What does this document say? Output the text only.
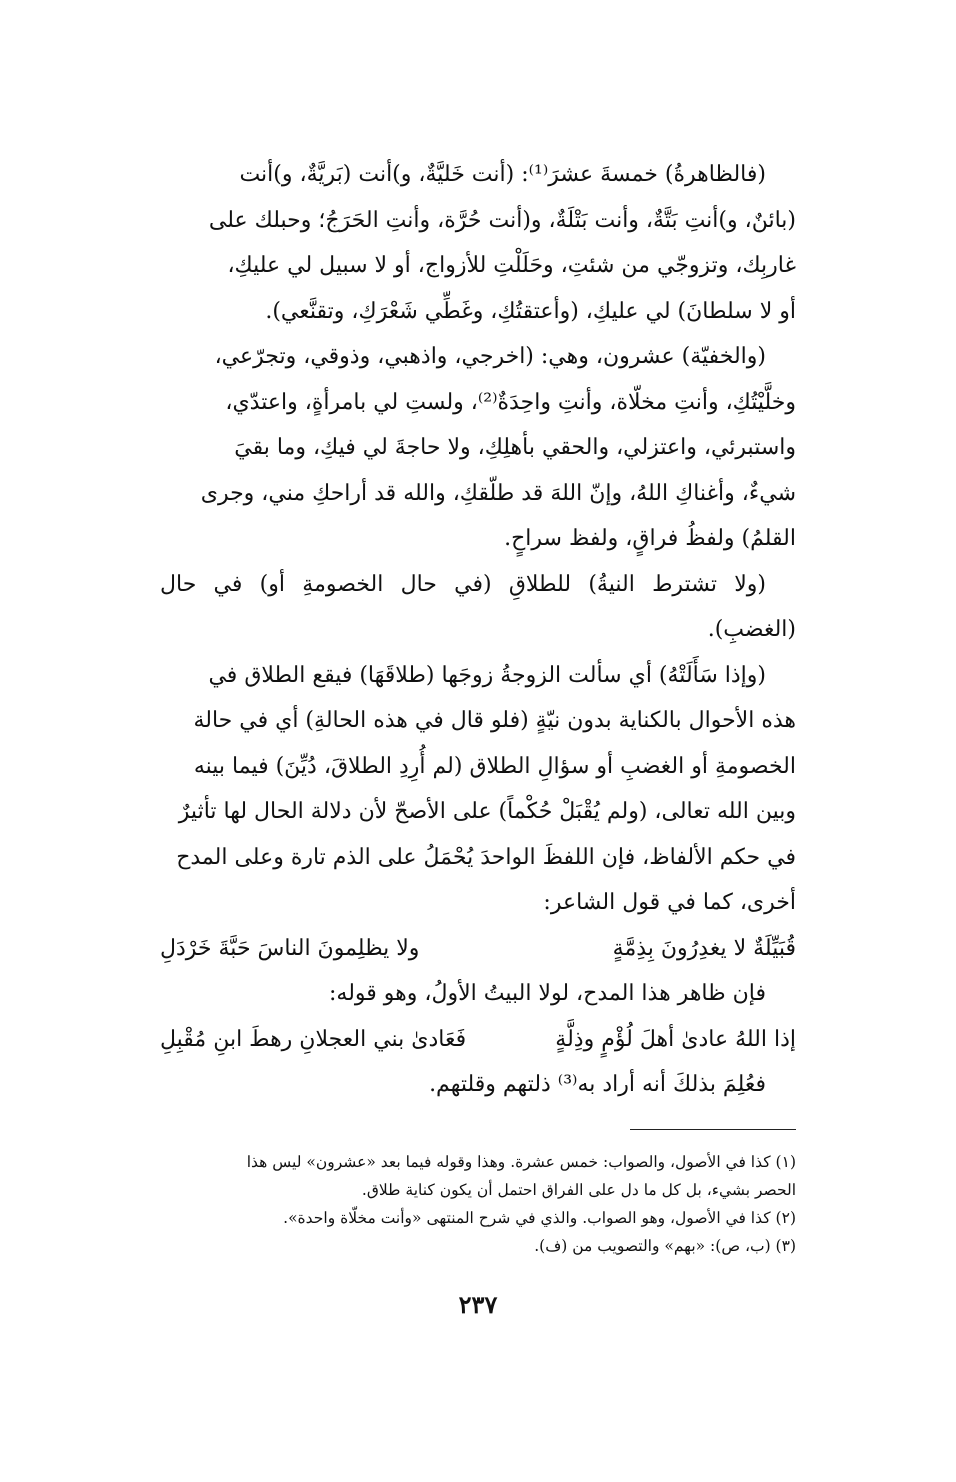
(فالظاهرةُ) خمسةَ عشرَ⁽¹⁾: (أنت خَليَّةٌ، و)أنت (بَريَّةٌ، و)أنت

(بائنٌ، و)أنتِ بَتَّةٌ، وأنت بَتْلَةٌ، و(أنت حُرَّة، وأنتِ الحَرَجُ؛ وحبلك على

غاربِك، وتزوجّي من شئتِ، وحَلَلْتِ للأزواج، أو لا سبيل لي عليكِ،

أو لا سلطانَ) لي عليكِ، (وأعتقتُكِ، وغَطِّي شَعْرَكِ، وتقنَّعي).

(والخفيّة) عشرون، وهي: (اخرجي، واذهبي، وذوقي، وتجرّعي،

وخلَّيْتُكِ، وأنتِ مخلّاة، وأنتِ واحِدَةٌ⁽²⁾، ولستِ لي بامرأةٍ، واعتدّي،

واستبرئي، واعتزلي، والحقي بأهلِكِ، ولا حاجةَ لي فيكِ، وما بقيَ

شيءٌ، وأغناكِ اللهُ، وإنّ اللهَ قد طلّقكِ، والله قد أراحكِ مني، وجرى

القلمُ) ولفظُ فراقٍ، ولفظ سراحٍ.

(ولا تشترط النيةُ) للطلاقِ (في حال الخصومةِ أو) في حال (الغضبِ).

(وإذا سَأَلَتْهُ) أي سألت الزوجةُ زوجَها (طلاقَهَا) فيقع الطلاق في

هذه الأحوال بالكناية بدون نيّةٍ (فلو قال في هذه الحالةِ) أي في حالة

الخصومةِ أو الغضبِ أو سؤالِ الطلاق (لم أُرِدِ الطلاقَ، دُيِّنَ) فيما بينه

وبين الله تعالى، (ولم يُقْبَلْ حُكْماً) على الأصحّ لأن دلالة الحال لها تأثيرٌ

في حكم الألفاظ، فإن اللفظَ الواحدَ يُحْمَلُ على الذم تارة وعلى المدح

أخرى، كما في قول الشاعر:

قُبَيِّلَةٌ لا يغدِرُونَ بِذِمَّةٍ
ولا يظلِمونَ الناسَ حَبَّةَ خَرْدَلِ

فإن ظاهر هذا المدح، لولا البيتُ الأولُ، وهو قوله:

إذا اللهُ عادىٰ أهلَ لُؤْمٍ وذِلَّةٍ
فَعَادىٰ بني العجلانِ رهطَ ابنِ مُقْبِلِ

فعُلِمَ بذلكَ أنه أراد به⁽³⁾ ذلتهم وقلتهم.

(١) كذا في الأصول، والصواب: خمس عشرة. وهذا وقوله فيما بعد «عشرون» ليس هذا

الحصر بشيء، بل كل ما دل على الفراق احتمل أن يكون كناية طلاق.

(٢) كذا في الأصول، وهو الصواب. والذي في شرح المنتهى «وأنت مخلّاة واحدة».

(٣) (ب، ص): «بهم» والتصويب من (ف).

٢٣٧
